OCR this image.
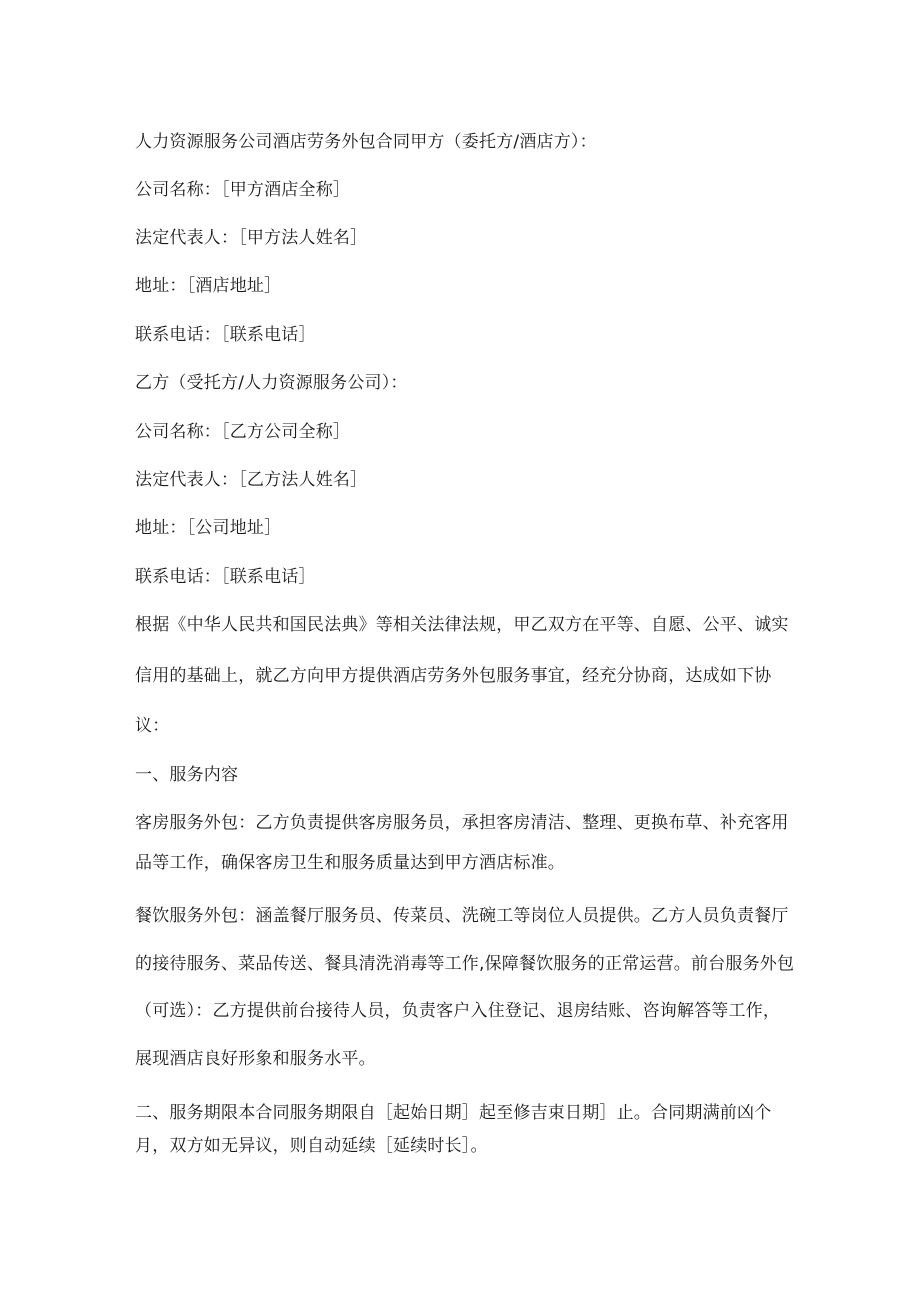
人力资源服务公司酒店劳务外包合同甲方（委托方/酒店方）：
公司名称：［甲方酒店全称］
法定代表人：［甲方法人姓名］
地址：［酒店地址］
联系电话：［联系电话］
乙方（受托方/人力资源服务公司）：
公司名称：［乙方公司全称］
法定代表人：［乙方法人姓名］
地址：［公司地址］
联系电话：［联系电话］
根据《中华人民共和国民法典》等相关法律法规，甲乙双方在平等、自愿、公平、诚实
信用的基础上，就乙方向甲方提供酒店劳务外包服务事宜，经充分协商，达成如下协
议：
一、服务内容
客房服务外包：乙方负责提供客房服务员，承担客房清洁、整理、更换布草、补充客用
品等工作，确保客房卫生和服务质量达到甲方酒店标准。
餐饮服务外包：涵盖餐厅服务员、传菜员、洗碗工等岗位人员提供。乙方人员负责餐厅
的接待服务、菜品传送、餐具清洗消毒等工作,保障餐饮服务的正常运营。前台服务外包
（可选）：乙方提供前台接待人员，负责客户入住登记、退房结账、咨询解答等工作，
展现酒店良好形象和服务水平。
二、服务期限本合同服务期限自［起始日期］起至修吉束日期］止。合同期满前凶个
月，双方如无异议，则自动延续［延续时长］。
